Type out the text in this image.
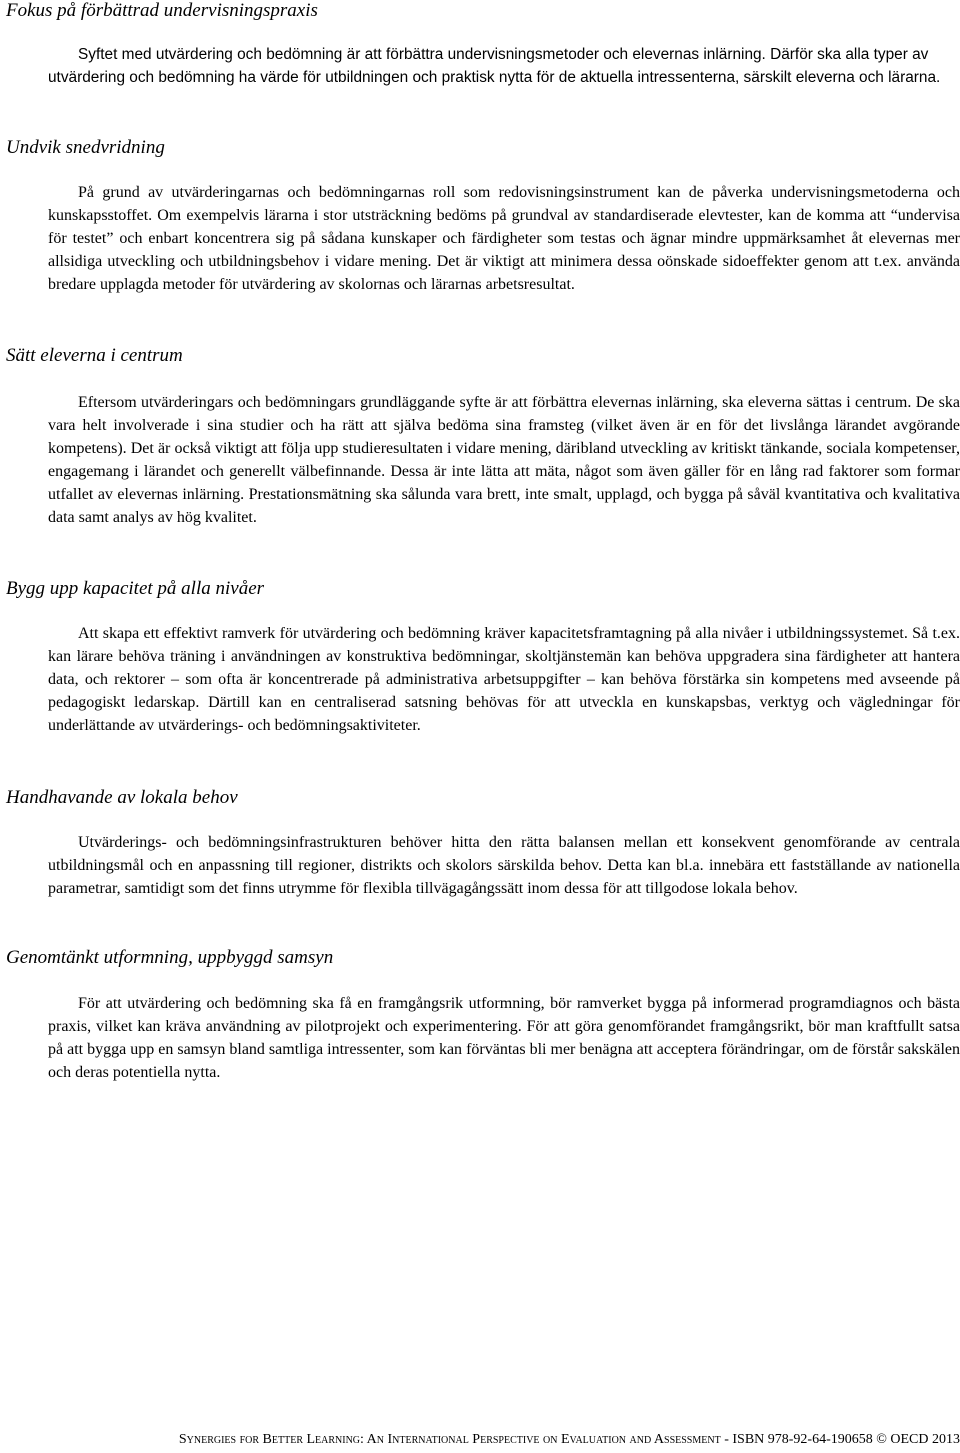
Fokus på förbättrad undervisningspraxis

Syftet med utvärdering och bedömning är att förbättra undervisningsmetoder och elevernas inlärning. Därför ska alla typer av utvärdering och bedömning ha värde för utbildningen och praktisk nytta för de aktuella intressenterna, särskilt eleverna och lärarna.

Undvik snedvridning

På grund av utvärderingarnas och bedömningarnas roll som redovisningsinstrument kan de påverka undervisningsmetoderna och kunskapsstoffet. Om exempelvis lärarna i stor utsträckning bedöms på grundval av standardiserade elevtester, kan de komma att “undervisa för testet” och enbart koncentrera sig på sådana kunskaper och färdigheter som testas och ägnar mindre uppmärksamhet åt elevernas mer allsidiga utveckling och utbildningsbehov i vidare mening. Det är viktigt att minimera dessa oönskade sidoeffekter genom att t.ex. använda bredare upplagda metoder för utvärdering av skolornas och lärarnas arbetsresultat.

Sätt eleverna i centrum

Eftersom utvärderingars och bedömningars grundläggande syfte är att förbättra elevernas inlärning, ska eleverna sättas i centrum. De ska vara helt involverade i sina studier och ha rätt att själva bedöma sina framsteg (vilket även är en för det livslånga lärandet avgörande kompetens). Det är också viktigt att följa upp studieresultaten i vidare mening, däribland utveckling av kritiskt tänkande, sociala kompetenser, engagemang i lärandet och generellt välbefinnande. Dessa är inte lätta att mäta, något som även gäller för en lång rad faktorer som formar utfallet av elevernas inlärning. Prestationsmätning ska sålunda vara brett, inte smalt, upplagd, och bygga på såväl kvantitativa och kvalitativa data samt analys av hög kvalitet.

Bygg upp kapacitet på alla nivåer

Att skapa ett effektivt ramverk för utvärdering och bedömning kräver kapacitetsframtagning på alla nivåer i utbildningssystemet. Så t.ex. kan lärare behöva träning i användningen av konstruktiva bedömningar, skoltjänstemän kan behöva uppgradera sina färdigheter att hantera data, och rektorer – som ofta är koncentrerade på administrativa arbetsuppgifter – kan behöva förstärka sin kompetens med avseende på pedagogiskt ledarskap. Därtill kan en centraliserad satsning behövas för att utveckla en kunskapsbas, verktyg och vägledningar för underlättande av utvärderings- och bedömningsaktiviteter.

Handhavande av lokala behov

Utvärderings- och bedömningsinfrastrukturen behöver hitta den rätta balansen mellan ett konsekvent genomförande av centrala utbildningsmål och en anpassning till regioner, distrikts och skolors särskilda behov. Detta kan bl.a. innebära ett fastställande av nationella parametrar, samtidigt som det finns utrymme för flexibla tillvägagångssätt inom dessa för att tillgodose lokala behov.

Genomtänkt utformning, uppbyggd samsyn

För att utvärdering och bedömning ska få en framgångsrik utformning, bör ramverket bygga på informerad programdiagnos och bästa praxis, vilket kan kräva användning av pilotprojekt och experimentering. För att göra genomförandet framgångsrikt, bör man kraftfullt satsa på att bygga upp en samsyn bland samtliga intressenter, som kan förväntas bli mer benägna att acceptera förändringar, om de förstår sakskälen och deras potentiella nytta.

Synergies for Better Learning: An International Perspective on Evaluation and Assessment - ISBN 978-92-64-190658 © OECD 2013
